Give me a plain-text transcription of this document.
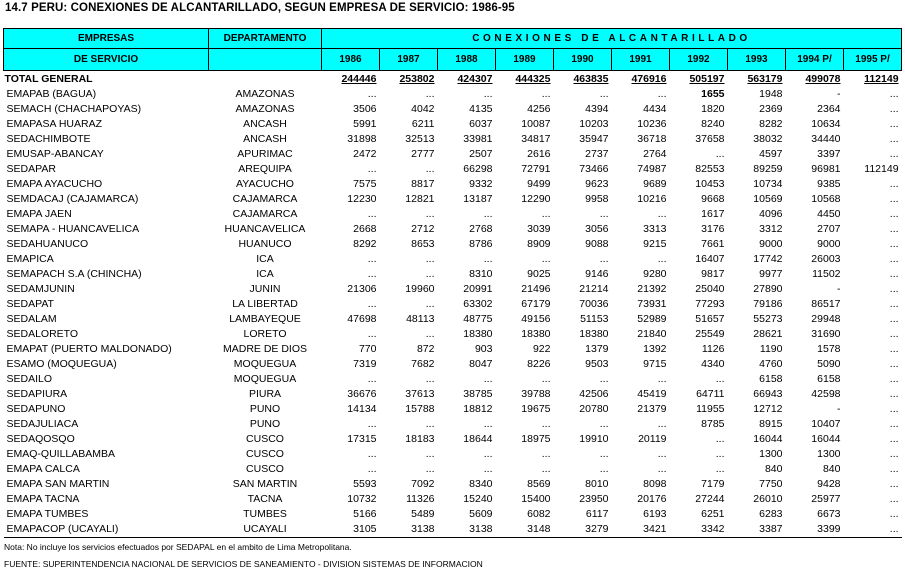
14.7 PERU: CONEXIONES DE ALCANTARILLADO, SEGUN EMPRESA DE SERVICIO: 1986-95
EMPRESAS	DEPARTAMENTO	CONEXIONES DE ALCANTARILLADO									
DE SERVICIO		1986	1987	1988	1989	1990	1991	1992	1993	1994 P/	1995 P/
TOTAL GENERAL		244446	253802	424307	444325	463835	476916	505197	563179	499078	112149
EMAPAB (BAGUA)	AMAZONAS	...	...	...	...	...	...	1655	1948	-	...
SEMACH (CHACHAPOYAS)	AMAZONAS	3506	4042	4135	4256	4394	4434	1820	2369	2364	...
EMAPASA HUARAZ	ANCASH	5991	6211	6037	10087	10203	10236	8240	8282	10634	...
SEDACHIMBOTE	ANCASH	31898	32513	33981	34817	35947	36718	37658	38032	34440	...
EMUSAP-ABANCAY	APURIMAC	2472	2777	2507	2616	2737	2764	...	4597	3397	...
SEDAPAR	AREQUIPA	...	...	66298	72791	73466	74987	82553	89259	96981	112149
EMAPA AYACUCHO	AYACUCHO	7575	8817	9332	9499	9623	9689	10453	10734	9385	...
SEMDACAJ (CAJAMARCA)	CAJAMARCA	12230	12821	13187	12290	9958	10216	9668	10569	10568	...
EMAPA JAEN	CAJAMARCA	...	...	...	...	...	...	1617	4096	4450	...
SEMAPA - HUANCAVELICA	HUANCAVELICA	2668	2712	2768	3039	3056	3313	3176	3312	2707	...
SEDAHUANUCO	HUANUCO	8292	8653	8786	8909	9088	9215	7661	9000	9000	...
EMAPICA	ICA	...	...	...	...	...	...	16407	17742	26003	...
SEMAPACH S.A (CHINCHA)	ICA	...	...	8310	9025	9146	9280	9817	9977	11502	...
SEDAMJUNIN	JUNIN	21306	19960	20991	21496	21214	21392	25040	27890	-	...
SEDAPAT	LA LIBERTAD	...	...	63302	67179	70036	73931	77293	79186	86517	...
SEDALAM	LAMBAYEQUE	47698	48113	48775	49156	51153	52989	51657	55273	29948	...
SEDALORETO	LORETO	...	...	18380	18380	18380	21840	25549	28621	31690	...
EMAPAT (PUERTO MALDONADO)	MADRE DE DIOS	770	872	903	922	1379	1392	1126	1190	1578	...
ESAMO (MOQUEGUA)	MOQUEGUA	7319	7682	8047	8226	9503	9715	4340	4760	5090	...
SEDAILO	MOQUEGUA	...	...	...	...	...	...	...	6158	6158	...
SEDAPIURA	PIURA	36676	37613	38785	39788	42506	45419	64711	66943	42598	...
SEDAPUNO	PUNO	14134	15788	18812	19675	20780	21379	11955	12712	-	...
SEDAJULIACA	PUNO	...	...	...	...	...	...	8785	8915	10407	...
SEDAQOSQO	CUSCO	17315	18183	18644	18975	19910	20119	...	16044	16044	...
EMAQ-QUILLABAMBA	CUSCO	...	...	...	...	...	...	...	1300	1300	...
EMAPA CALCA	CUSCO	...	...	...	...	...	...	...	840	840	...
EMAPA SAN MARTIN	SAN MARTIN	5593	7092	8340	8569	8010	8098	7179	7750	9428	...
EMAPA TACNA	TACNA	10732	11326	15240	15400	23950	20176	27244	26010	25977	...
EMAPA TUMBES	TUMBES	5166	5489	5609	6082	6117	6193	6251	6283	6673	...
EMAPACOP (UCAYALI)	UCAYALI	3105	3138	3138	3148	3279	3421	3342	3387	3399	...
Nota: No incluye los servicios efectuados por SEDAPAL en el ambito de Lima Metropolitana.
FUENTE: SUPERINTENDENCIA NACIONAL DE SERVICIOS DE SANEAMIENTO - DIVISION SISTEMAS DE INFORMACION
